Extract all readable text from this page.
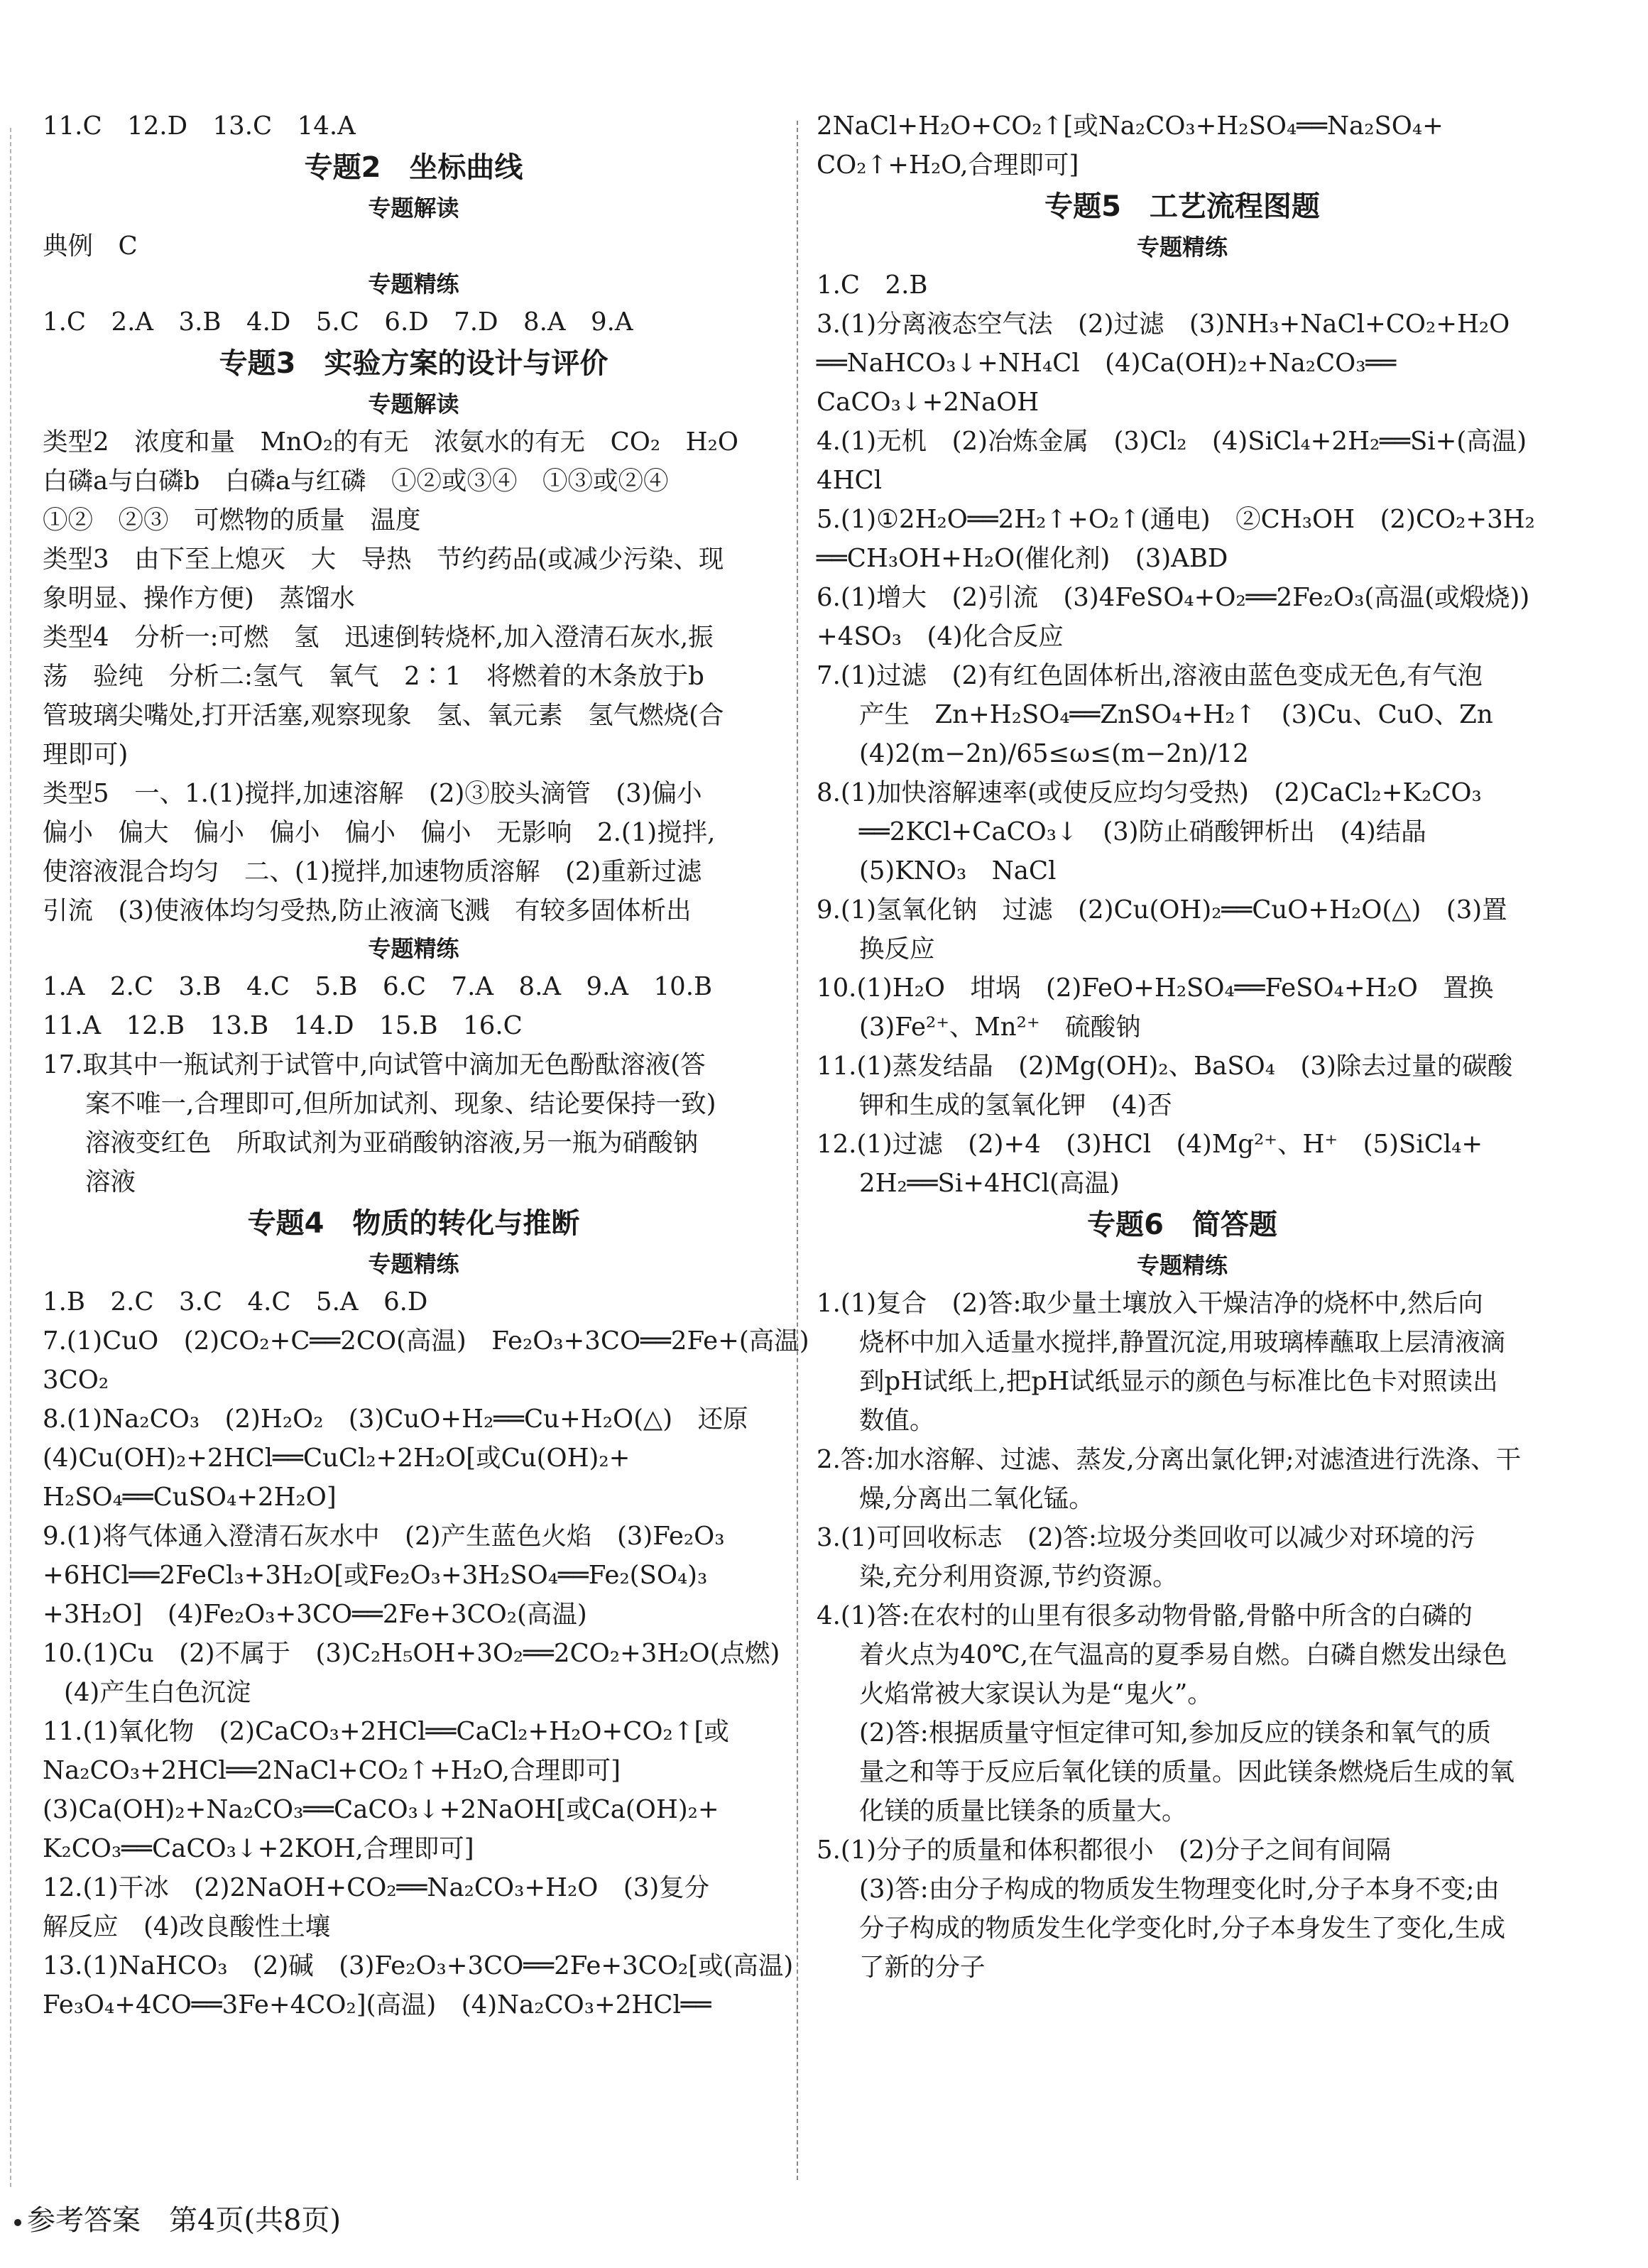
11.C　12.D　13.C　14.A
专题2　坐标曲线
专题解读
典例　C
专题精练
1.C　2.A　3.B　4.D　5.C　6.D　7.D　8.A　9.A
专题3　实验方案的设计与评价
专题解读
类型2　浓度和量　MnO₂的有无　浓氨水的有无　CO₂　H₂O
白磷a与白磷b　白磷a与红磷　①②或③④　①③或②④
①②　②③　可燃物的质量　温度
类型3　由下至上熄灭　大　导热　节约药品(或减少污染、现
象明显、操作方便)　蒸馏水
类型4　分析一:可燃　氢　迅速倒转烧杯,加入澄清石灰水,振
荡　验纯　分析二:氢气　氧气　2∶1　将燃着的木条放于b
管玻璃尖嘴处,打开活塞,观察现象　氢、氧元素　氢气燃烧(合
理即可)
类型5　一、1.(1)搅拌,加速溶解　(2)③胶头滴管　(3)偏小
偏小　偏大　偏小　偏小　偏小　偏小　无影响　2.(1)搅拌,
使溶液混合均匀　二、(1)搅拌,加速物质溶解　(2)重新过滤
引流　(3)使液体均匀受热,防止液滴飞溅　有较多固体析出
专题精练
1.A　2.C　3.B　4.C　5.B　6.C　7.A　8.A　9.A　10.B
11.A　12.B　13.B　14.D　15.B　16.C
17.取其中一瓶试剂于试管中,向试管中滴加无色酚酞溶液(答
案不唯一,合理即可,但所加试剂、现象、结论要保持一致)
溶液变红色　所取试剂为亚硝酸钠溶液,另一瓶为硝酸钠
溶液
专题4　物质的转化与推断
专题精练
1.B　2.C　3.C　4.C　5.A　6.D
7.(1)CuO　(2)CO₂+C══2CO(高温)　Fe₂O₃+3CO══2Fe+(高温)
3CO₂
8.(1)Na₂CO₃　(2)H₂O₂　(3)CuO+H₂══Cu+H₂O(△)　还原
(4)Cu(OH)₂+2HCl══CuCl₂+2H₂O[或Cu(OH)₂+
H₂SO₄══CuSO₄+2H₂O]
9.(1)将气体通入澄清石灰水中　(2)产生蓝色火焰　(3)Fe₂O₃
+6HCl══2FeCl₃+3H₂O[或Fe₂O₃+3H₂SO₄══Fe₂(SO₄)₃
+3H₂O]　(4)Fe₂O₃+3CO══2Fe+3CO₂(高温)
10.(1)Cu　(2)不属于　(3)C₂H₅OH+3O₂══2CO₂+3H₂O(点燃)
(4)产生白色沉淀
11.(1)氧化物　(2)CaCO₃+2HCl══CaCl₂+H₂O+CO₂↑[或
Na₂CO₃+2HCl══2NaCl+CO₂↑+H₂O,合理即可]
(3)Ca(OH)₂+Na₂CO₃══CaCO₃↓+2NaOH[或Ca(OH)₂+
K₂CO₃══CaCO₃↓+2KOH,合理即可]
12.(1)干冰　(2)2NaOH+CO₂══Na₂CO₃+H₂O　(3)复分
解反应　(4)改良酸性土壤
13.(1)NaHCO₃　(2)碱　(3)Fe₂O₃+3CO══2Fe+3CO₂[或(高温)
Fe₃O₄+4CO══3Fe+4CO₂](高温)　(4)Na₂CO₃+2HCl══
2NaCl+H₂O+CO₂↑[或Na₂CO₃+H₂SO₄══Na₂SO₄+
CO₂↑+H₂O,合理即可]
专题5　工艺流程图题
专题精练
1.C　2.B
3.(1)分离液态空气法　(2)过滤　(3)NH₃+NaCl+CO₂+H₂O
══NaHCO₃↓+NH₄Cl　(4)Ca(OH)₂+Na₂CO₃══
CaCO₃↓+2NaOH
4.(1)无机　(2)冶炼金属　(3)Cl₂　(4)SiCl₄+2H₂══Si+(高温)
4HCl
5.(1)①2H₂O══2H₂↑+O₂↑(通电)　②CH₃OH　(2)CO₂+3H₂
══CH₃OH+H₂O(催化剂)　(3)ABD
6.(1)增大　(2)引流　(3)4FeSO₄+O₂══2Fe₂O₃(高温(或煅烧))
+4SO₃　(4)化合反应
7.(1)过滤　(2)有红色固体析出,溶液由蓝色变成无色,有气泡
产生　Zn+H₂SO₄══ZnSO₄+H₂↑　(3)Cu、CuO、Zn
(4)2(m−2n)/65≤ω≤(m−2n)/12
8.(1)加快溶解速率(或使反应均匀受热)　(2)CaCl₂+K₂CO₃
══2KCl+CaCO₃↓　(3)防止硝酸钾析出　(4)结晶
(5)KNO₃　NaCl
9.(1)氢氧化钠　过滤　(2)Cu(OH)₂══CuO+H₂O(△)　(3)置
换反应
10.(1)H₂O　坩埚　(2)FeO+H₂SO₄══FeSO₄+H₂O　置换
(3)Fe²⁺、Mn²⁺　硫酸钠
11.(1)蒸发结晶　(2)Mg(OH)₂、BaSO₄　(3)除去过量的碳酸
钾和生成的氢氧化钾　(4)否
12.(1)过滤　(2)+4　(3)HCl　(4)Mg²⁺、H⁺　(5)SiCl₄+
2H₂══Si+4HCl(高温)
专题6　简答题
专题精练
1.(1)复合　(2)答:取少量土壤放入干燥洁净的烧杯中,然后向
烧杯中加入适量水搅拌,静置沉淀,用玻璃棒蘸取上层清液滴
到pH试纸上,把pH试纸显示的颜色与标准比色卡对照读出
数值。
2.答:加水溶解、过滤、蒸发,分离出氯化钾;对滤渣进行洗涤、干
燥,分离出二氧化锰。
3.(1)可回收标志　(2)答:垃圾分类回收可以减少对环境的污
染,充分利用资源,节约资源。
4.(1)答:在农村的山里有很多动物骨骼,骨骼中所含的白磷的
着火点为40℃,在气温高的夏季易自燃。白磷自燃发出绿色
火焰常被大家误认为是“鬼火”。
(2)答:根据质量守恒定律可知,参加反应的镁条和氧气的质
量之和等于反应后氧化镁的质量。因此镁条燃烧后生成的氧
化镁的质量比镁条的质量大。
5.(1)分子的质量和体积都很小　(2)分子之间有间隔
(3)答:由分子构成的物质发生物理变化时,分子本身不变;由
分子构成的物质发生化学变化时,分子本身发生了变化,生成
了新的分子
参考答案　第4页(共8页)
